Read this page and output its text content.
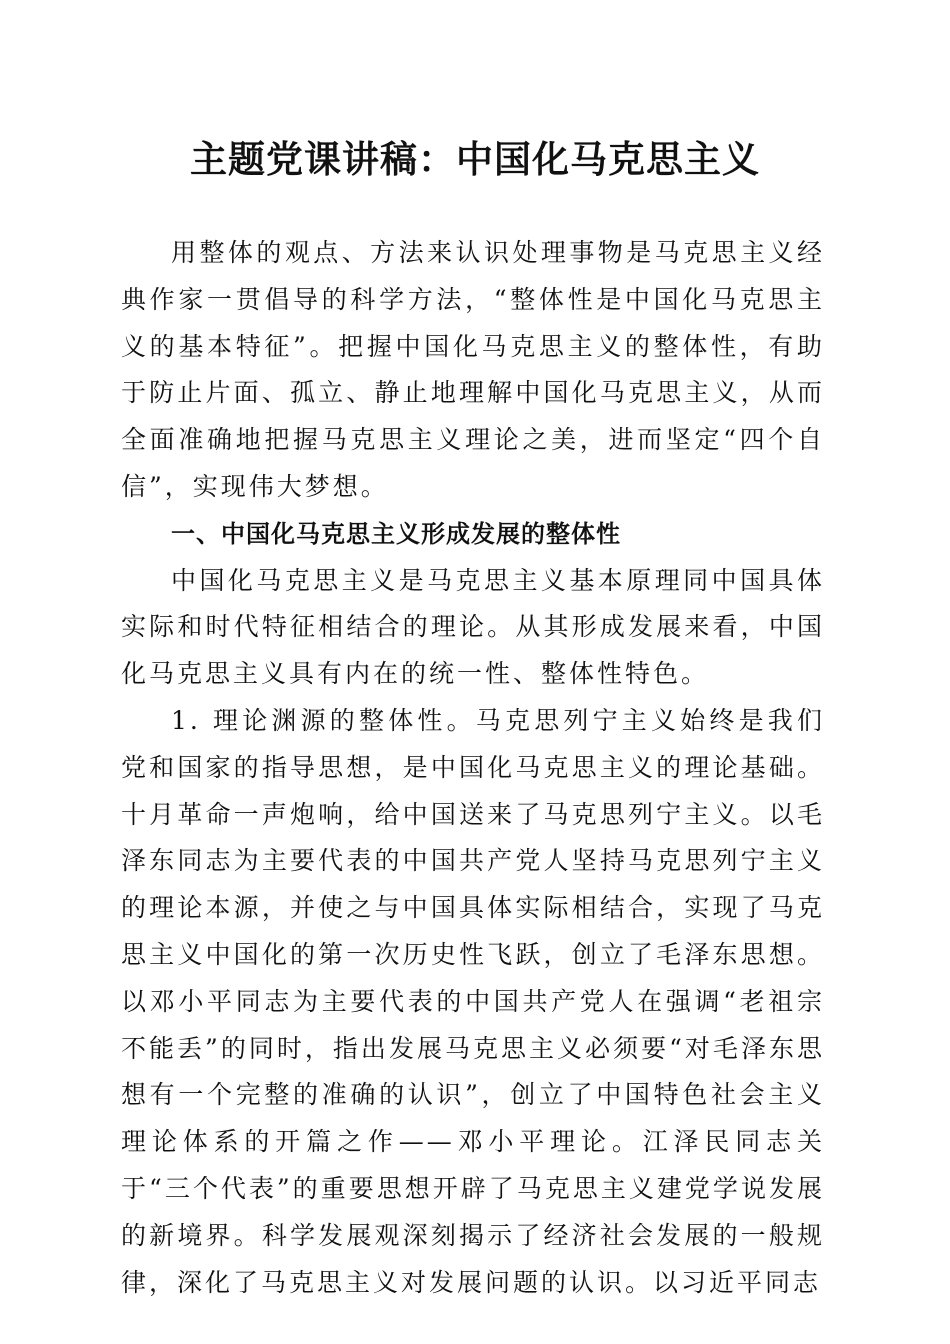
主题党课讲稿：中国化马克思主义

用整体的观点、方法来认识处理事物是马克思主义经典作家一贯倡导的科学方法，“整体性是中国化马克思主义的基本特征”。把握中国化马克思主义的整体性，有助于防止片面、孤立、静止地理解中国化马克思主义，从而全面准确地把握马克思主义理论之美，进而坚定“四个自信”，实现伟大梦想。

一、中国化马克思主义形成发展的整体性

中国化马克思主义是马克思主义基本原理同中国具体实际和时代特征相结合的理论。从其形成发展来看，中国化马克思主义具有内在的统一性、整体性特色。

1. 理论渊源的整体性。马克思列宁主义始终是我们党和国家的指导思想，是中国化马克思主义的理论基础。十月革命一声炮响，给中国送来了马克思列宁主义。以毛泽东同志为主要代表的中国共产党人坚持马克思列宁主义的理论本源，并使之与中国具体实际相结合，实现了马克思主义中国化的第一次历史性飞跃，创立了毛泽东思想。以邓小平同志为主要代表的中国共产党人在强调“老祖宗不能丢”的同时，指出发展马克思主义必须要“对毛泽东思想有一个完整的准确的认识”，创立了中国特色社会主义理论体系的开篇之作——邓小平理论。江泽民同志关于“三个代表”的重要思想开辟了马克思主义建党学说发展的新境界。科学发展观深刻揭示了经济社会发展的一般规律，深化了马克思主义对发展问题的认识。以习近平同志
